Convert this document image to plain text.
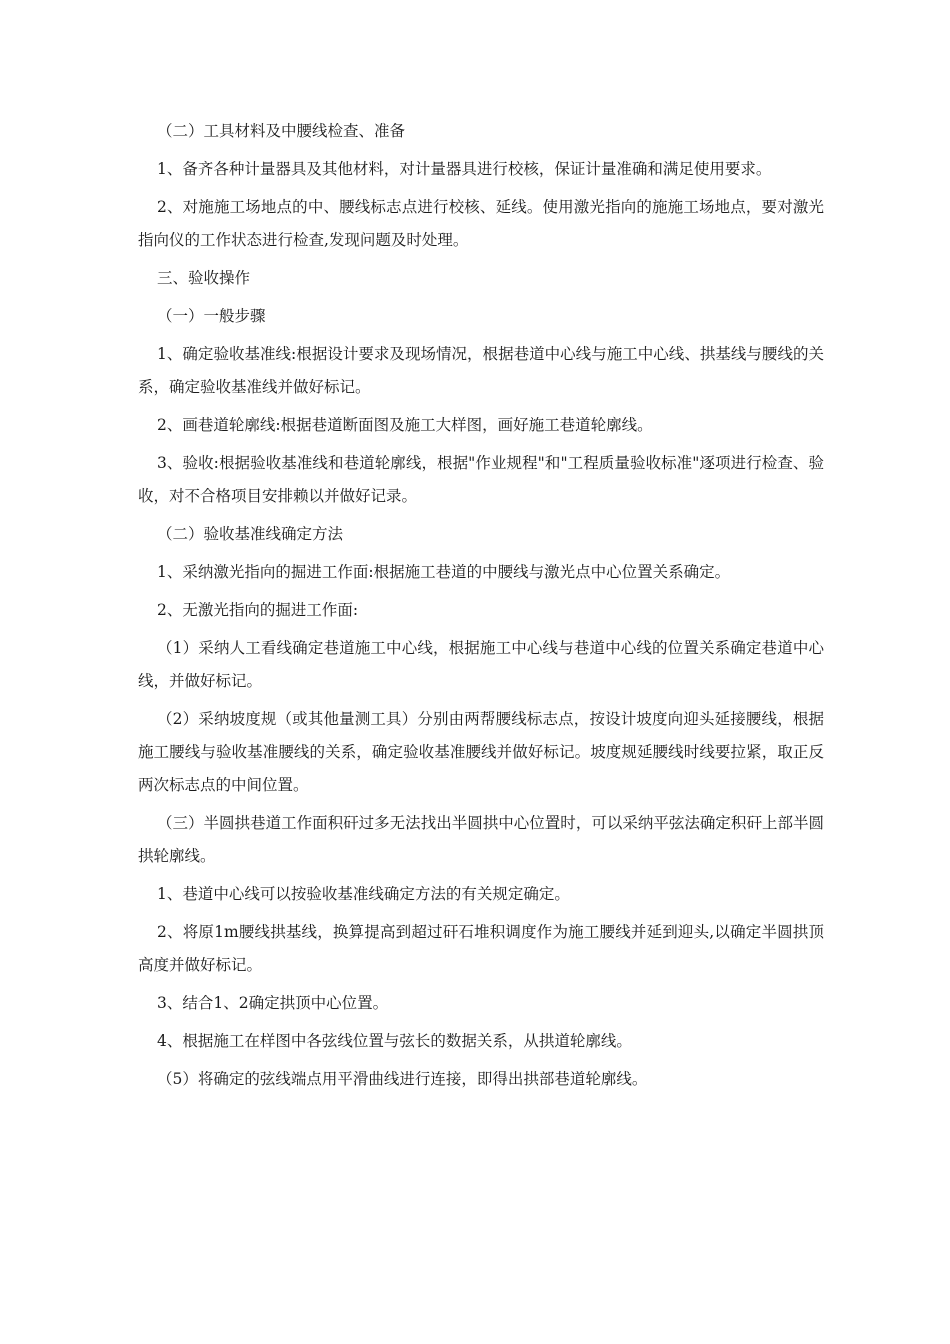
（二）工具材料及中腰线检查、准备

1、备齐各种计量器具及其他材料，对计量器具进行校核，保证计量准确和满足使用要求。

2、对施施工场地点的中、腰线标志点进行校核、延线。使用激光指向的施施工场地点，要对激光指向仪的工作状态进行检查,发现问题及时处理。

三、验收操作

（一）一般步骤

1、确定验收基准线:根据设计要求及现场情况，根据巷道中心线与施工中心线、拱基线与腰线的关系，确定验收基准线并做好标记。

2、画巷道轮廓线:根据巷道断面图及施工大样图，画好施工巷道轮廓线。

3、验收:根据验收基准线和巷道轮廓线，根据"作业规程"和"工程质量验收标准"逐项进行检查、验收，对不合格项目安排赖以并做好记录。

（二）验收基准线确定方法

1、采纳激光指向的掘进工作面:根据施工巷道的中腰线与激光点中心位置关系确定。

2、无激光指向的掘进工作面:

（1）采纳人工看线确定巷道施工中心线，根据施工中心线与巷道中心线的位置关系确定巷道中心线，并做好标记。

（2）采纳坡度规（或其他量测工具）分别由两帮腰线标志点，按设计坡度向迎头延接腰线，根据施工腰线与验收基准腰线的关系，确定验收基准腰线并做好标记。坡度规延腰线时线要拉紧，取正反两次标志点的中间位置。

（三）半圆拱巷道工作面积矸过多无法找出半圆拱中心位置时，可以采纳平弦法确定积矸上部半圆拱轮廓线。

1、巷道中心线可以按验收基准线确定方法的有关规定确定。

2、将原1m腰线拱基线，换算提高到超过矸石堆积调度作为施工腰线并延到迎头,以确定半圆拱顶高度并做好标记。

3、结合1、2确定拱顶中心位置。

4、根据施工在样图中各弦线位置与弦长的数据关系，从拱道轮廓线。

（5）将确定的弦线端点用平滑曲线进行连接，即得出拱部巷道轮廓线。
